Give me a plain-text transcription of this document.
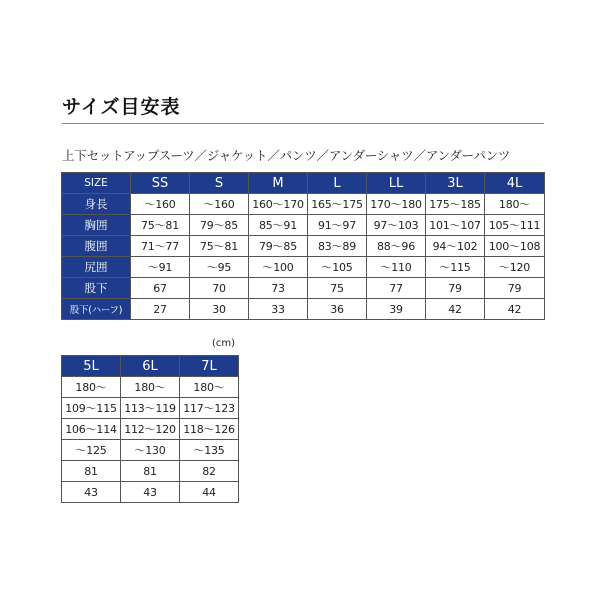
サイズ目安表
上下セットアップスーツ／ジャケット／パンツ／アンダーシャツ／アンダーパンツ
SIZE	SS	S	M	L	LL	3L	4L
身長	～160	～160	160～170	165～175	170～180	175～185	180～
胸囲	75～81	79～85	85～91	91～97	97～103	101～107	105～111
腹囲	71～77	75～81	79～85	83～89	88～96	94～102	100～108
尻囲	～91	～95	～100	～105	～110	～115	～120
股下	67	70	73	75	77	79	79
股下(ハーフ)	27	30	33	36	39	42	42
(cm)
5L	6L	7L
180～	180～	180～
109～115	113～119	117～123
106～114	112～120	118～126
～125	～130	～135
81	81	82
43	43	44
